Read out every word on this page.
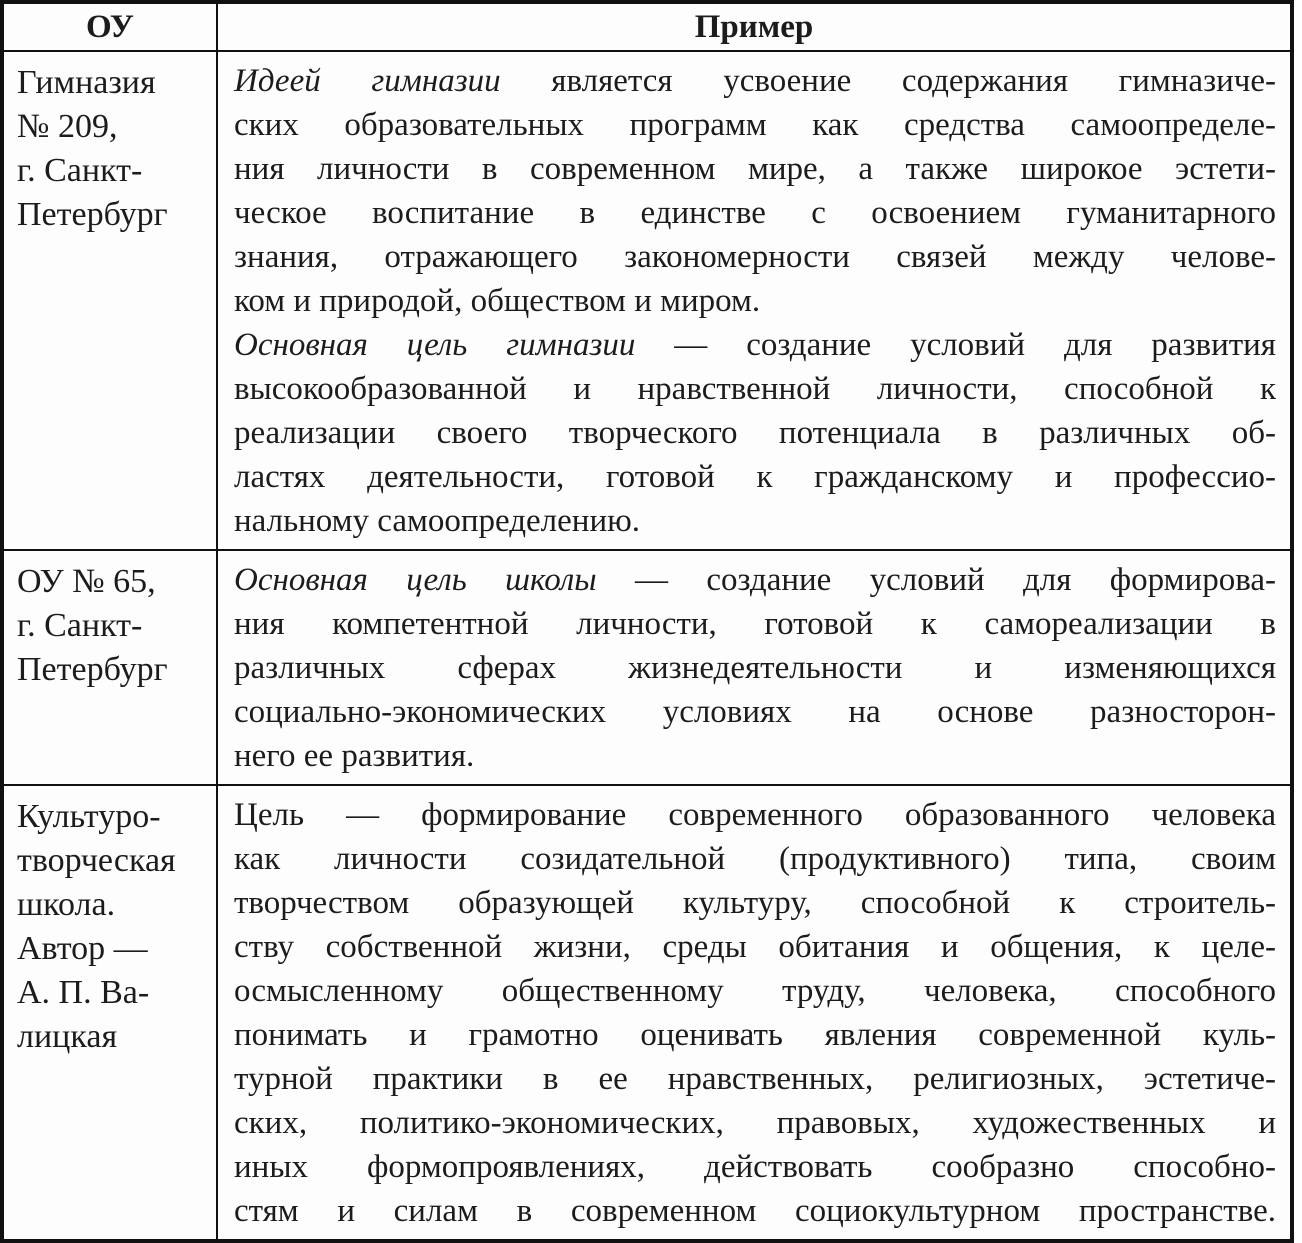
ОУ	Пример
Гимназия
№ 209,
г. Санкт-
Петербург
Идеей гимназии является усвоение содержания гимназиче-
ских образовательных программ как средства самоопределе-
ния личности в современном мире, а также широкое эстети-
ческое воспитание в единстве с освоением гуманитарного
знания, отражающего закономерности связей между челове-
ком и природой, обществом и миром.
Основная цель гимназии — создание условий для развития
высокообразованной и нравственной личности, способной к
реализации своего творческого потенциала в различных об-
ластях деятельности, готовой к гражданскому и профессио-
нальному самоопределению.
ОУ № 65,
г. Санкт-
Петербург
Основная цель школы — создание условий для формирова-
ния компетентной личности, готовой к самореализации в
различных сферах жизнедеятельности и изменяющихся
социально-экономических условиях на основе разносторон-
него ее развития.
Культуро-
творческая
школа.
Автор —
А. П. Ва-
лицкая
Цель — формирование современного образованного человека
как личности созидательной (продуктивного) типа, своим
творчеством образующей культуру, способной к строитель-
ству собственной жизни, среды обитания и общения, к целе-
осмысленному общественному труду, человека, способного
понимать и грамотно оценивать явления современной куль-
турной практики в ее нравственных, религиозных, эстетиче-
ских, политико-экономических, правовых, художественных и
иных формопроявлениях, действовать сообразно способно-
стям и силам в современном социокультурном пространстве.
